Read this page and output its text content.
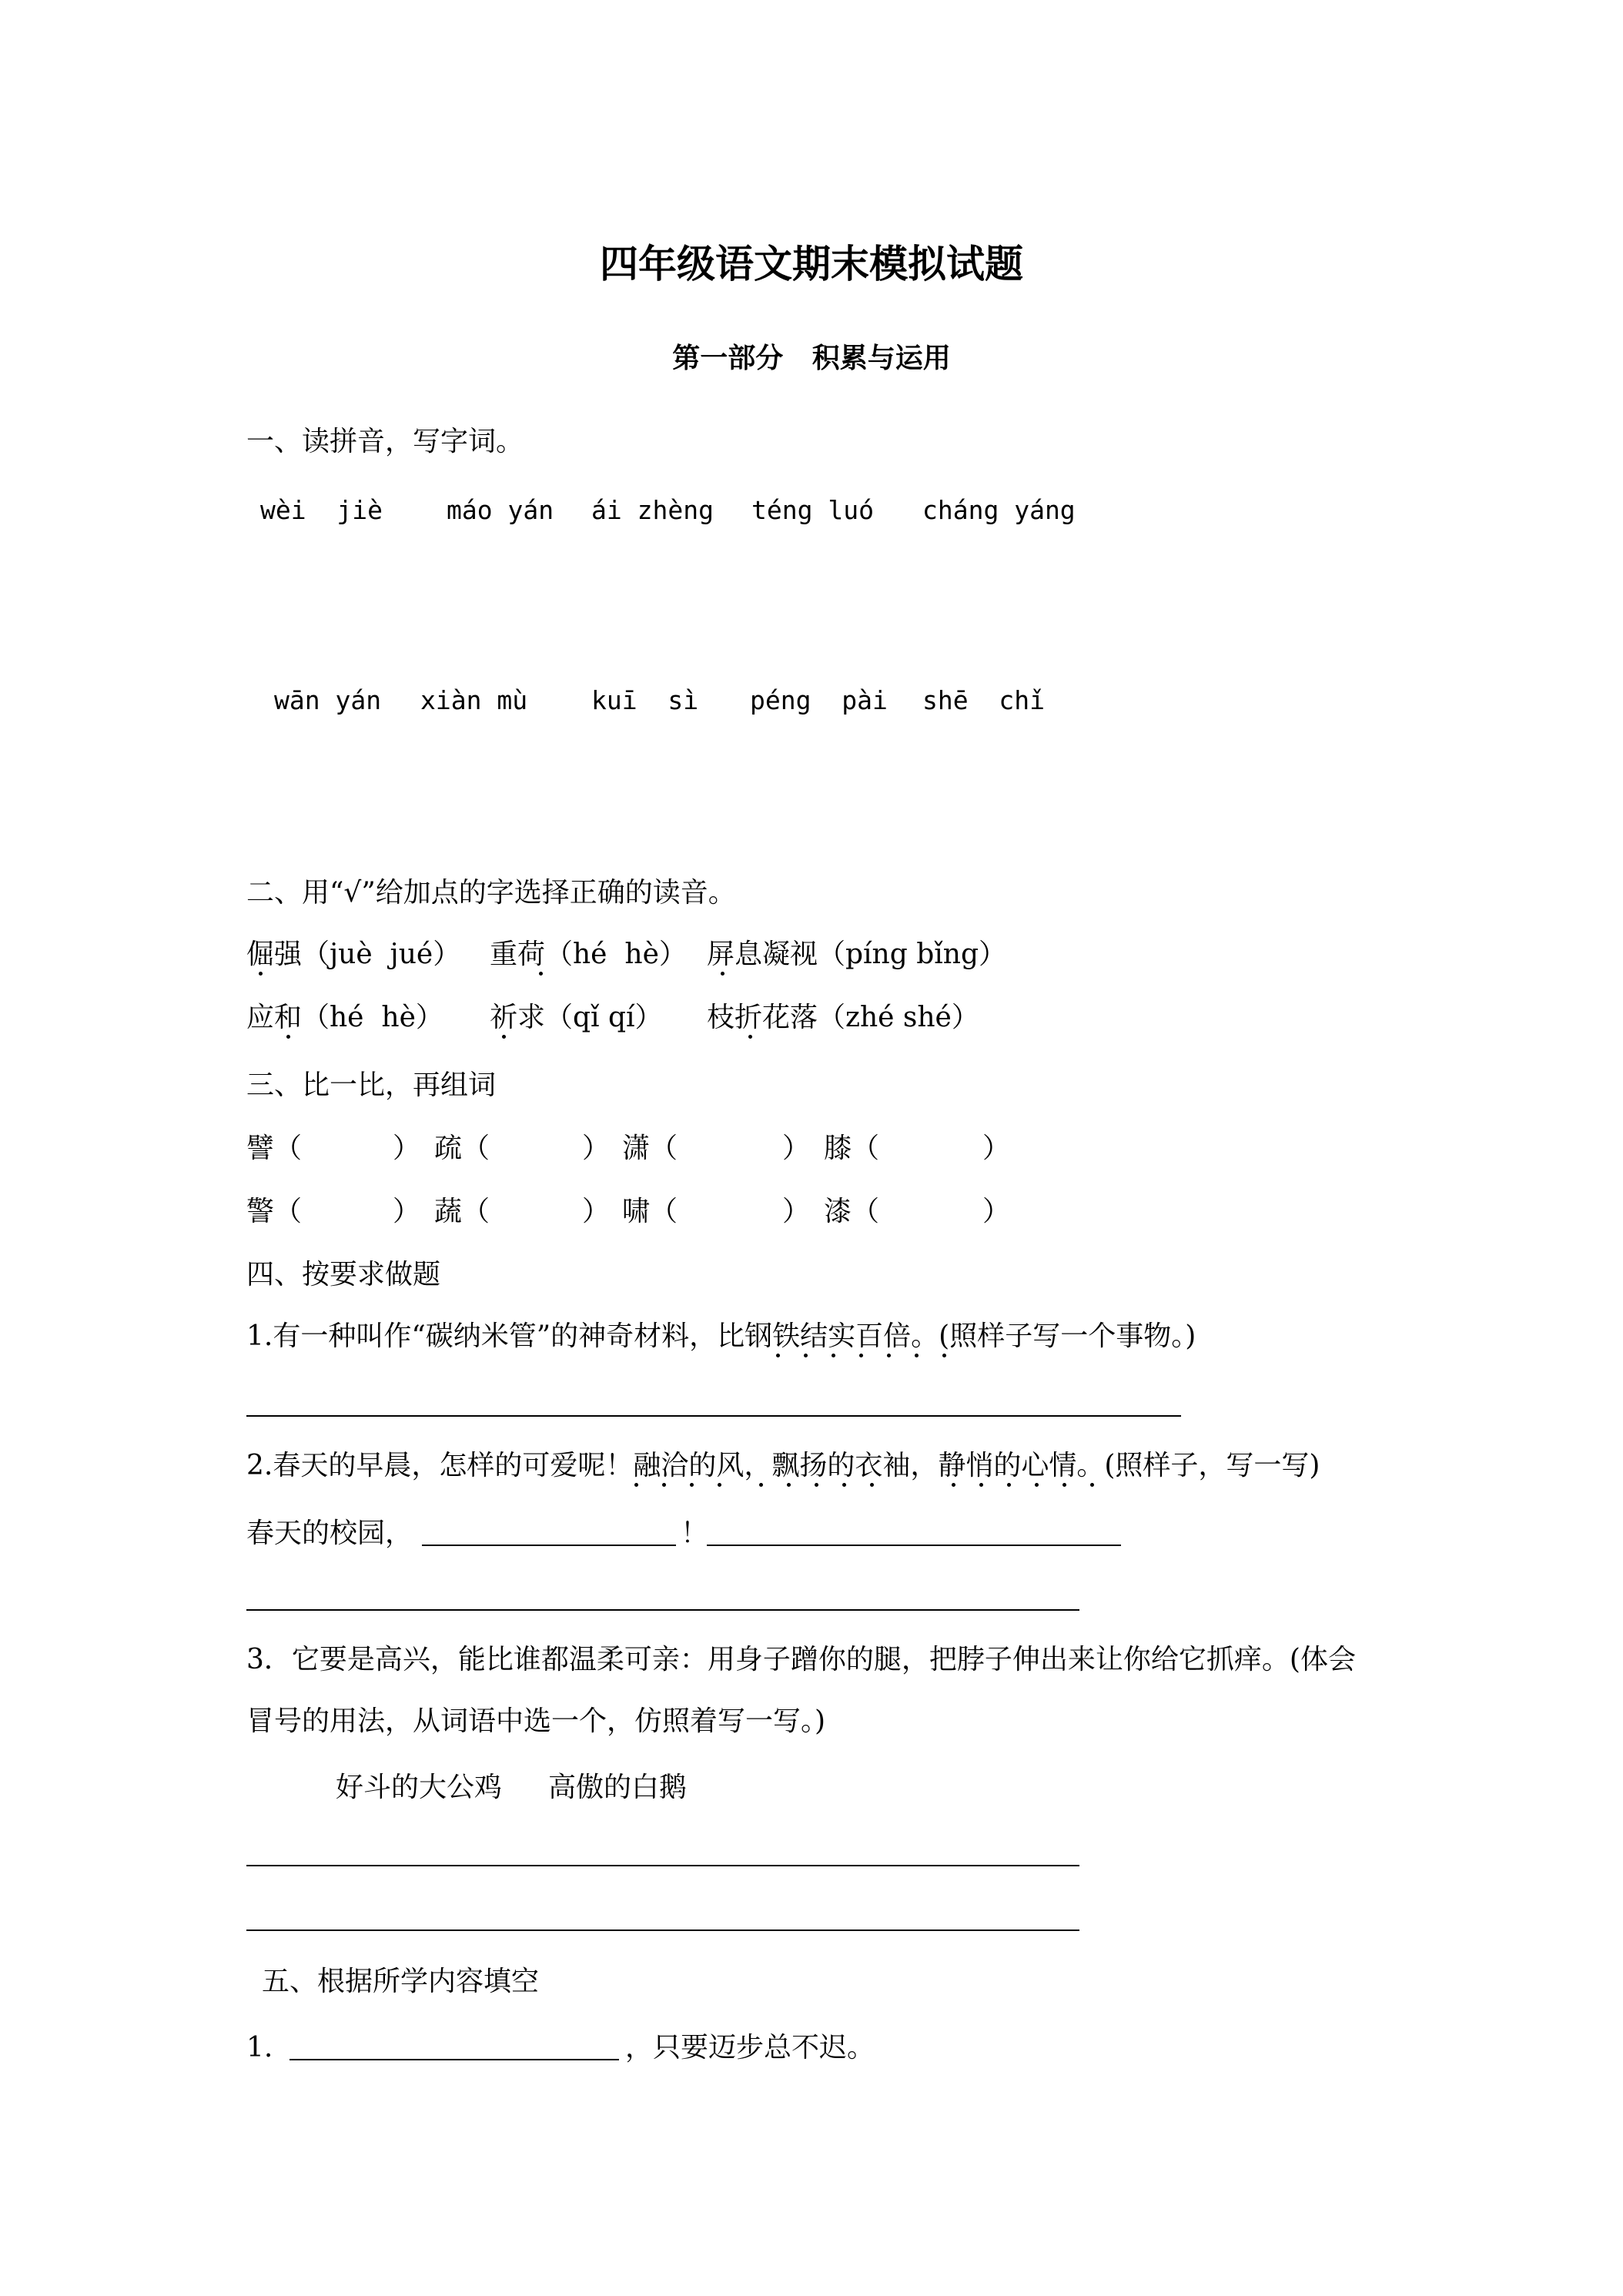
四年级语文期末模拟试题
第一部分   积累与运用
一、读拼音，写字词。
wèi  jiè	máo yán ái zhèng téng luó cháng yáng
wān yán xiàn mù	kuī  sì péng  pài shē  chǐ
二、用“√”给加点的字选择正确的读音。
倔强（juè  jué） 重荷（hé  hè） 屏息凝视（píng bǐng）
应和（hé  hè） 祈求（qǐ qí） 枝折花落（zhé shé）
三、比一比，再组词
譬（	） 疏（	） 潇（	） 膝（	）
警（	） 蔬（	） 啸（	） 漆（	）
四、按要求做题
1.有一种叫作“碳纳米管”的神奇材料，比钢铁结实百倍。(照样子写一个事物。)
2.春天的早晨，怎样的可爱呢！融洽的风，飘扬的衣袖，静悄的心情。(照样子，写一写)
春天的校园，	！
3．它要是高兴，能比谁都温柔可亲：用身子蹭你的腿，把脖子伸出来让你给它抓痒。(体会
冒号的用法，从词语中选一个，仿照着写一写。)
好斗的大公鸡 高傲的白鹅
五、根据所学内容填空
1.	，只要迈步总不迟。
